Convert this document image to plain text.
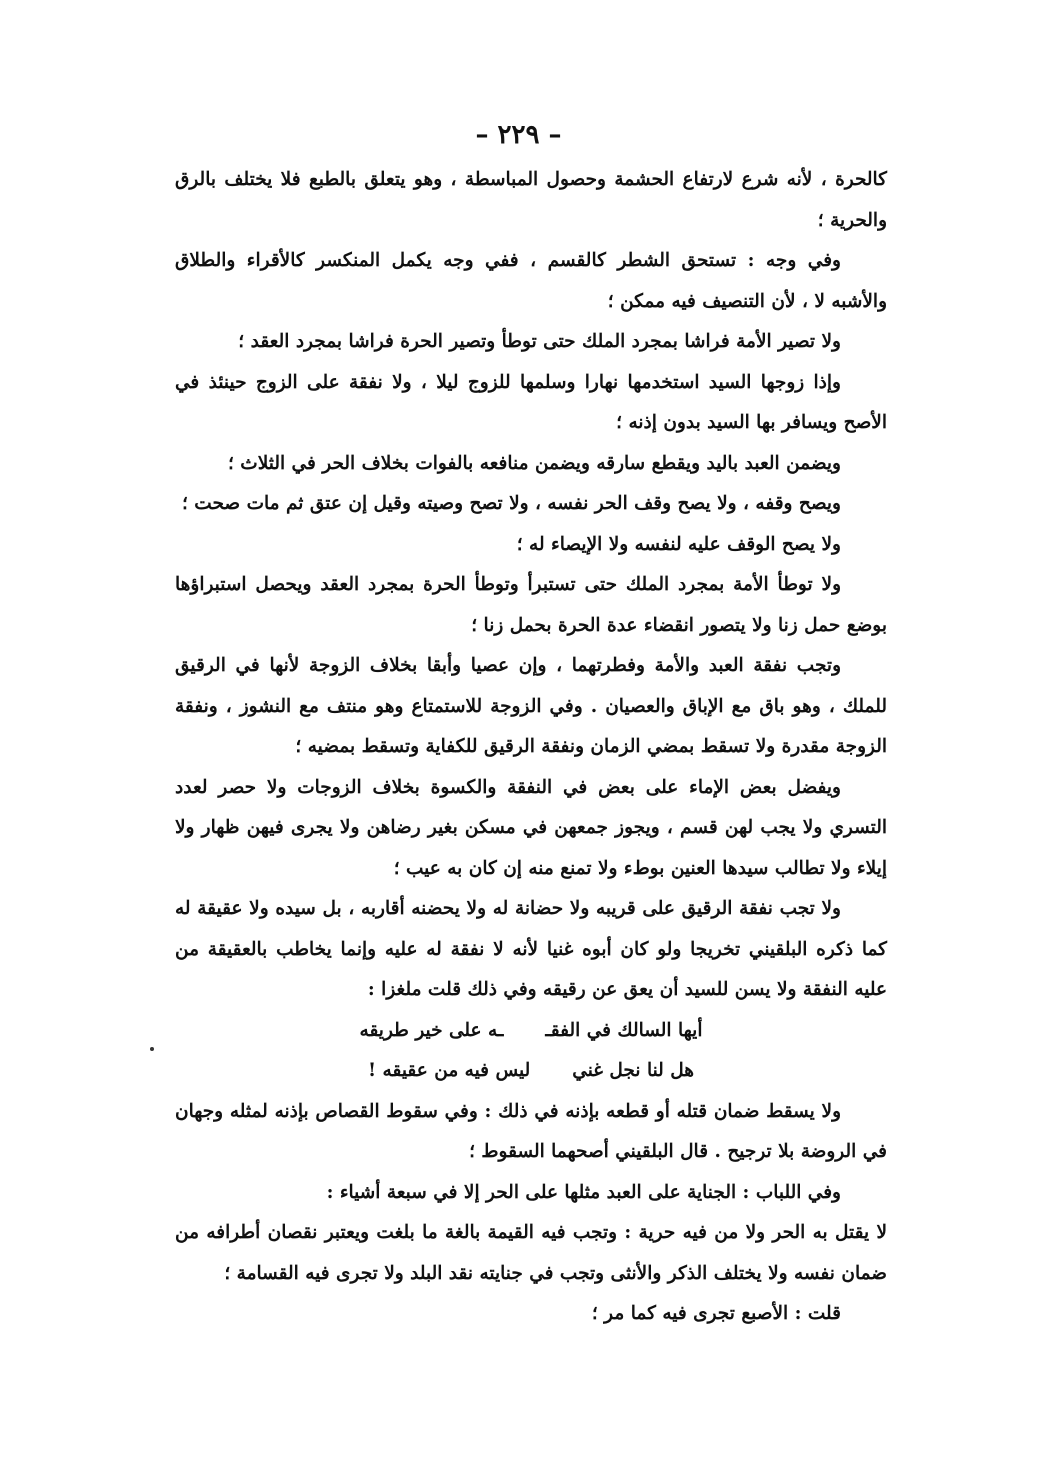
– ٢٢٩ –

كالحرة ، لأنه شرع لارتفاع الحشمة وحصول المباسطة ، وهو يتعلق بالطبع فلا يختلف بالرق والحرية ؛

وفي وجه : تستحق الشطر كالقسم ، ففي وجه يكمل المنكسر كالأقراء والطلاق والأشبه لا ، لأن التنصيف فيه ممكن ؛

ولا تصير الأمة فراشا بمجرد الملك حتى توطأ وتصير الحرة فراشا بمجرد العقد ؛

وإذا زوجها السيد استخدمها نهارا وسلمها للزوج ليلا ، ولا نفقة على الزوج حينئذ في الأصح ويسافر بها السيد بدون إذنه ؛

ويضمن العبد باليد ويقطع سارقه ويضمن منافعه بالفوات بخلاف الحر في الثلاث ؛

ويصح وقفه ، ولا يصح وقف الحر نفسه ، ولا تصح وصيته وقيل إن عتق ثم مات صحت ؛

ولا يصح الوقف عليه لنفسه ولا الإيصاء له ؛

ولا توطأ الأمة بمجرد الملك حتى تستبرأ وتوطأ الحرة بمجرد العقد ويحصل استبراؤها بوضع حمل زنا ولا يتصور انقضاء عدة الحرة بحمل زنا ؛

وتجب نفقة العبد والأمة وفطرتهما ، وإن عصيا وأبقا بخلاف الزوجة لأنها في الرقيق للملك ، وهو باق مع الإباق والعصيان . وفي الزوجة للاستمتاع وهو منتف مع النشوز ، ونفقة الزوجة مقدرة ولا تسقط بمضي الزمان ونفقة الرقيق للكفاية وتسقط بمضيه ؛

ويفضل بعض الإماء على بعض في النفقة والكسوة بخلاف الزوجات ولا حصر لعدد التسري ولا يجب لهن قسم ، ويجوز جمعهن في مسكن بغير رضاهن ولا يجرى فيهن ظهار ولا إيلاء ولا تطالب سيدها العنين بوطء ولا تمنع منه إن كان به عيب ؛

ولا تجب نفقة الرقيق على قريبه ولا حضانة له ولا يحضنه أقاربه ، بل سيده ولا عقيقة له كما ذكره البلقيني تخريجا ولو كان أبوه غنيا لأنه لا نفقة له عليه وإنما يخاطب بالعقيقة من عليه النفقة ولا يسن للسيد أن يعق عن رقيقه وفي ذلك قلت ملغزا :

أيها السالك في الفقـ
ـه على خير طريقه
هل لنا نجل غني
ليس فيه من عقيقه !

ولا يسقط ضمان قتله أو قطعه بإذنه في ذلك : وفي سقوط القصاص بإذنه لمثله وجهان في الروضة بلا ترجيح . قال البلقيني أصحهما السقوط ؛

وفي اللباب : الجناية على العبد مثلها على الحر إلا في سبعة أشياء :

لا يقتل به الحر ولا من فيه حرية : وتجب فيه القيمة بالغة ما بلغت ويعتبر نقصان أطرافه من ضمان نفسه ولا يختلف الذكر والأنثى وتجب في جنايته نقد البلد ولا تجرى فيه القسامة ؛

قلت : الأصبع تجرى فيه كما مر ؛
